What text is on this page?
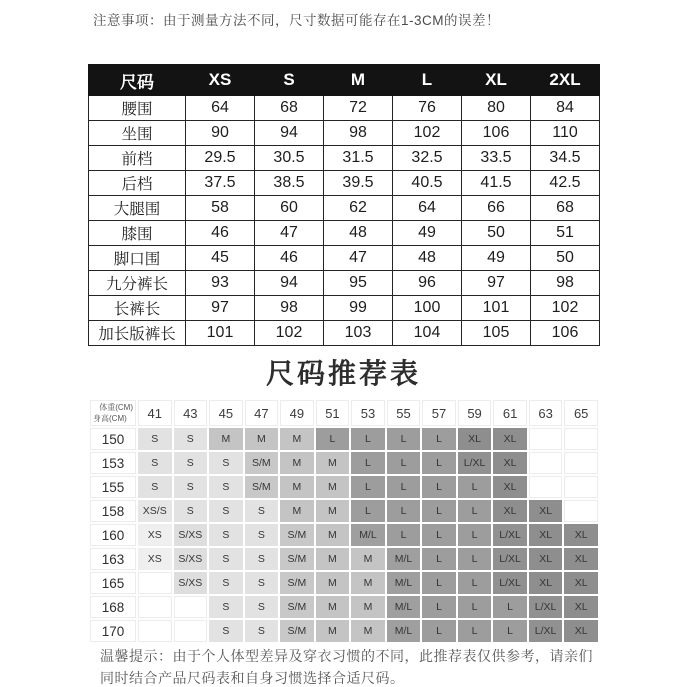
注意事项：由于测量方法不同，尺寸数据可能存在1-3CM的误差！
尺码	XS	S	M	L	XL	2XL
腰围	64	68	72	76	80	84
坐围	90	94	98	102	106	110
前档	29.5	30.5	31.5	32.5	33.5	34.5
后档	37.5	38.5	39.5	40.5	41.5	42.5
大腿围	58	60	62	64	66	68
膝围	46	47	48	49	50	51
脚口围	45	46	47	48	49	50
九分裤长	93	94	95	96	97	98
长裤长	97	98	99	100	101	102
加长版裤长	101	102	103	104	105	106
尺码推荐表
体重(CM)
身高(CM)	41	43	45	47	49	51	53	55	57	59	61	63	65
150	S	S	M	M	M	L	L	L	L	XL	XL		
153	S	S	S	S/M	M	M	L	L	L	L/XL	XL		
155	S	S	S	S/M	M	M	L	L	L	L	XL		
158	XS/S	S	S	S	M	M	L	L	L	L	XL	XL	
160	XS	S/XS	S	S	S/M	M	M/L	L	L	L	L/XL	XL	XL
163	XS	S/XS	S	S	S/M	M	M	M/L	L	L	L/XL	XL	XL
165		S/XS	S	S	S/M	M	M	M/L	L	L	L/XL	XL	XL
168			S	S	S/M	M	M	M/L	L	L	L	L/XL	XL
170			S	S	S/M	M	M	M/L	L	L	L	L/XL	XL
温馨提示：由于个人体型差异及穿衣习惯的不同，此推荐表仅供参考，请亲们同时结合产品尺码表和自身习惯选择合适尺码。
